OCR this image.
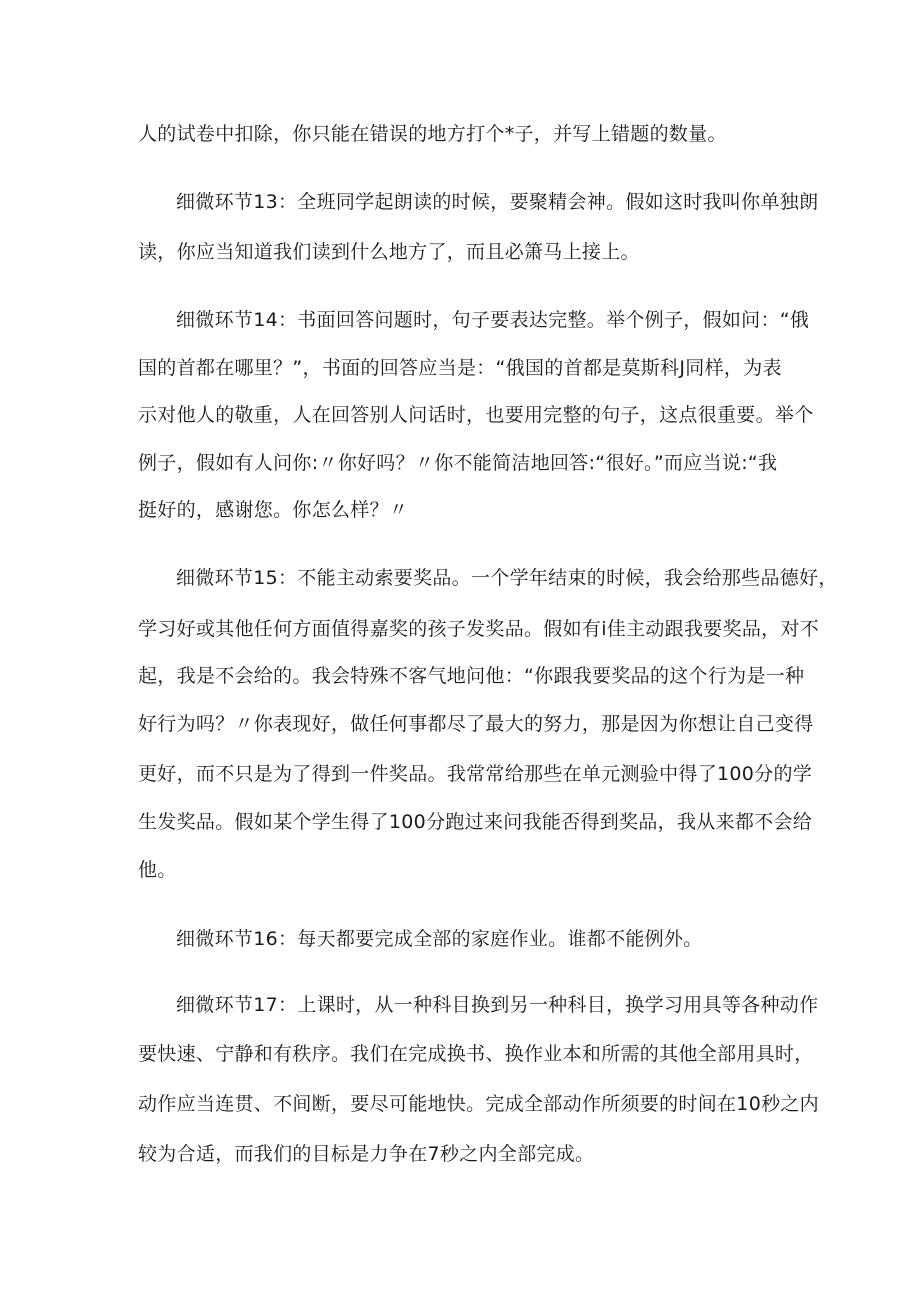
人的试卷中扣除，你只能在错误的地方打个*子，并写上错题的数量。
细微环节13：全班同学起朗读的时候，要聚精会神。假如这时我叫你单独朗
读，你应当知道我们读到什么地方了，而且必箫马上接上。
细微环节14：书面回答问题时，句子要表达完整。举个例子，假如问：“俄
国的首都在哪里？”，书面的回答应当是：“俄国的首都是莫斯科J同样，为表
示对他人的敬重，人在回答别人问话时，也要用完整的句子，这点很重要。举个
例子，假如有人问你:〃你好吗？〃你不能简洁地回答:“很好。”而应当说:“我
挺好的，感谢您。你怎么样？〃
细微环节15：不能主动索要奖品。一个学年结束的时候，我会给那些品德好，
学习好或其他任何方面值得嘉奖的孩子发奖品。假如有i佳主动跟我要奖品，对不
起，我是不会给的。我会特殊不客气地问他：“你跟我要奖品的这个行为是一种
好行为吗？〃你表现好，做任何事都尽了最大的努力，那是因为你想让自己变得
更好，而不只是为了得到一件奖品。我常常给那些在单元测验中得了100分的学
生发奖品。假如某个学生得了100分跑过来问我能否得到奖品，我从来都不会给
他。
细微环节16：每天都要完成全部的家庭作业。谁都不能例外。
细微环节17：上课时，从一种科目换到另一种科目，换学习用具等各种动作
要快速、宁静和有秩序。我们在完成换书、换作业本和所需的其他全部用具时，
动作应当连贯、不间断，要尽可能地快。完成全部动作所须要的时间在10秒之内
较为合适，而我们的目标是力争在7秒之内全部完成。
